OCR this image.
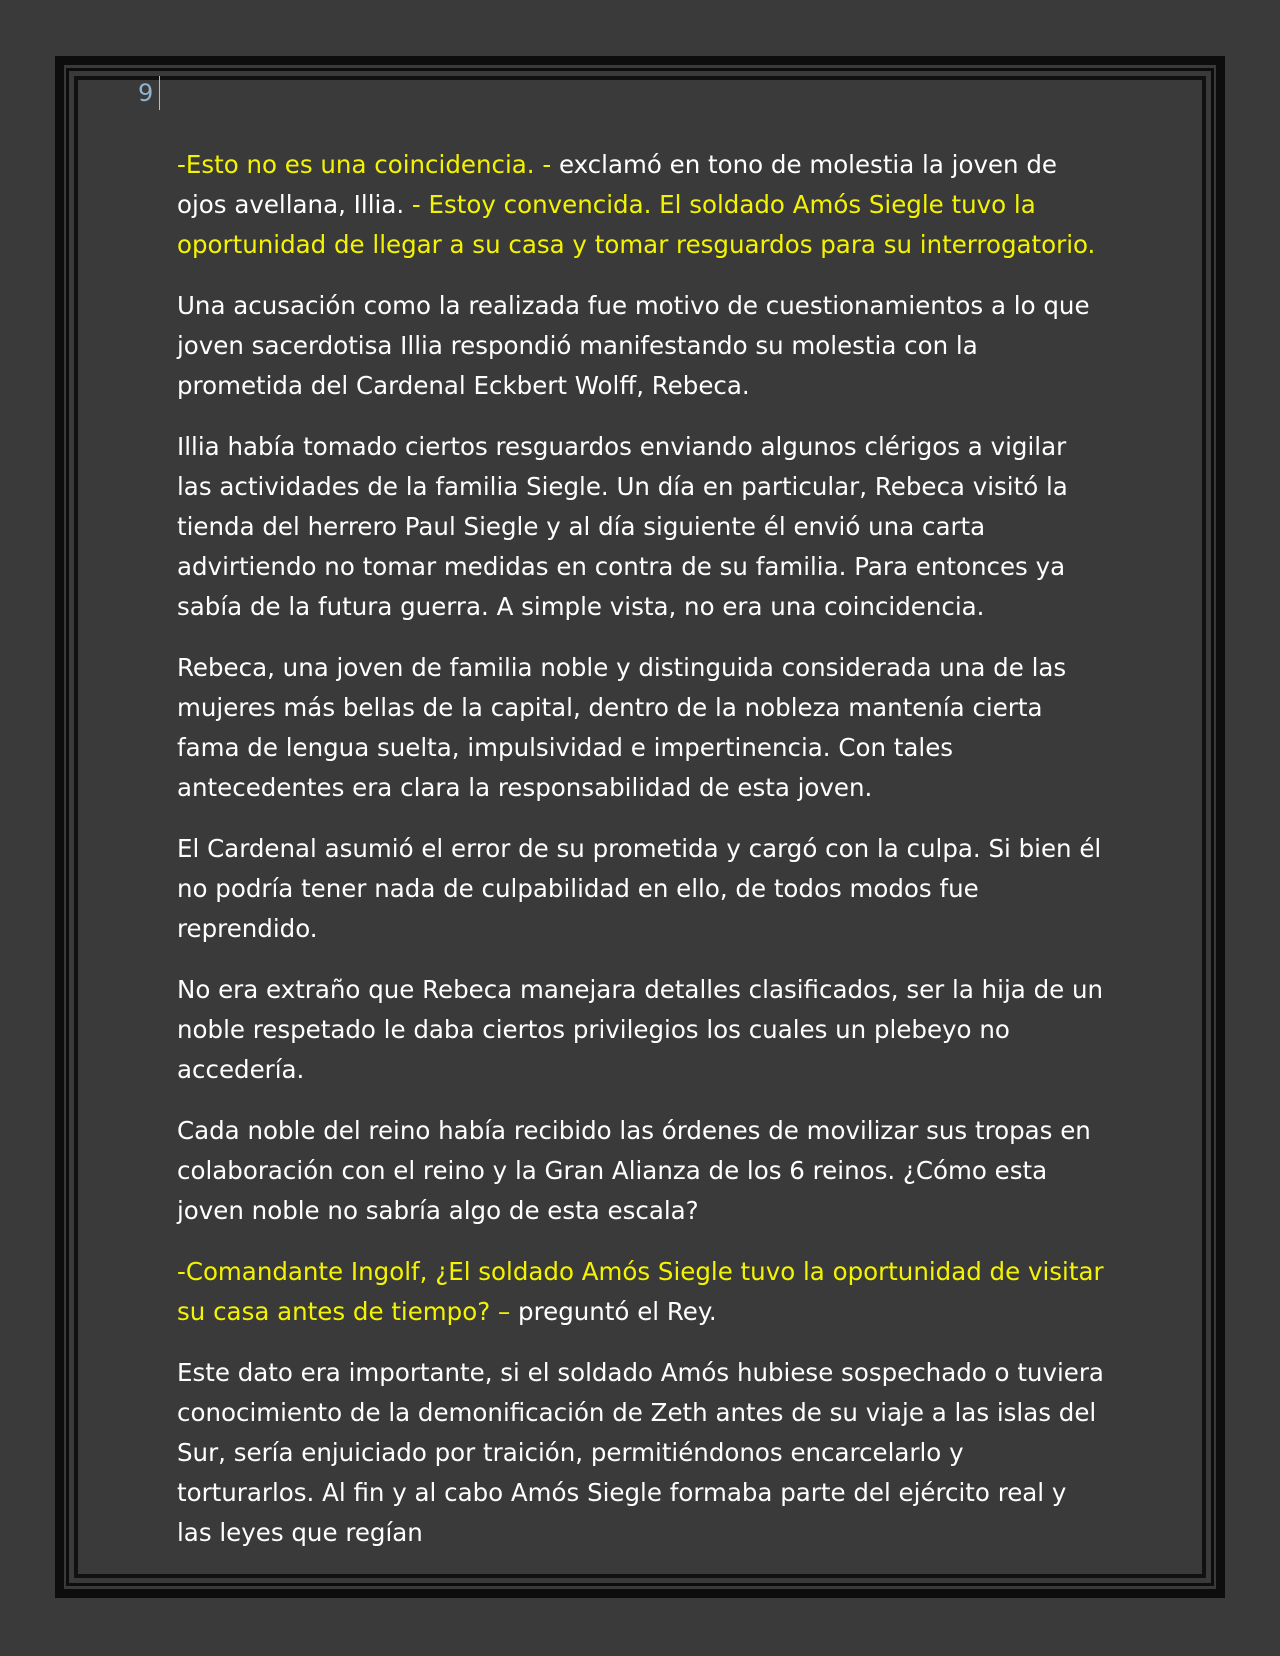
9

-Esto no es una coincidencia. - exclamó en tono de molestia la joven de ojos avellana, Illia. - Estoy convencida. El soldado Amós Siegle tuvo la oportunidad de llegar a su casa y tomar resguardos para su interrogatorio.

Una acusación como la realizada fue motivo de cuestionamientos a lo que joven sacerdotisa Illia respondió manifestando su molestia con la prometida del Cardenal Eckbert Wolff, Rebeca.

Illia había tomado ciertos resguardos enviando algunos clérigos a vigilar las actividades de la familia Siegle. Un día en particular, Rebeca visitó la tienda del herrero Paul Siegle y al día siguiente él envió una carta advirtiendo no tomar medidas en contra de su familia. Para entonces ya sabía de la futura guerra. A simple vista, no era una coincidencia.

Rebeca, una joven de familia noble y distinguida considerada una de las mujeres más bellas de la capital, dentro de la nobleza mantenía cierta fama de lengua suelta, impulsividad e impertinencia. Con tales antecedentes era clara la responsabilidad de esta joven.

El Cardenal asumió el error de su prometida y cargó con la culpa. Si bien él no podría tener nada de culpabilidad en ello, de todos modos fue reprendido.

No era extraño que Rebeca manejara detalles clasificados, ser la hija de un noble respetado le daba ciertos privilegios los cuales un plebeyo no accedería.

Cada noble del reino había recibido las órdenes de movilizar sus tropas en colaboración con el reino y la Gran Alianza de los 6 reinos. ¿Cómo esta joven noble no sabría algo de esta escala?

-Comandante Ingolf, ¿El soldado Amós Siegle tuvo la oportunidad de visitar su casa antes de tiempo? – preguntó el Rey.

Este dato era importante, si el soldado Amós hubiese sospechado o tuviera conocimiento de la demonificación de Zeth antes de su viaje a las islas del Sur, sería enjuiciado por traición, permitiéndonos encarcelarlo y torturarlos. Al fin y al cabo Amós Siegle formaba parte del ejército real y las leyes que regían
